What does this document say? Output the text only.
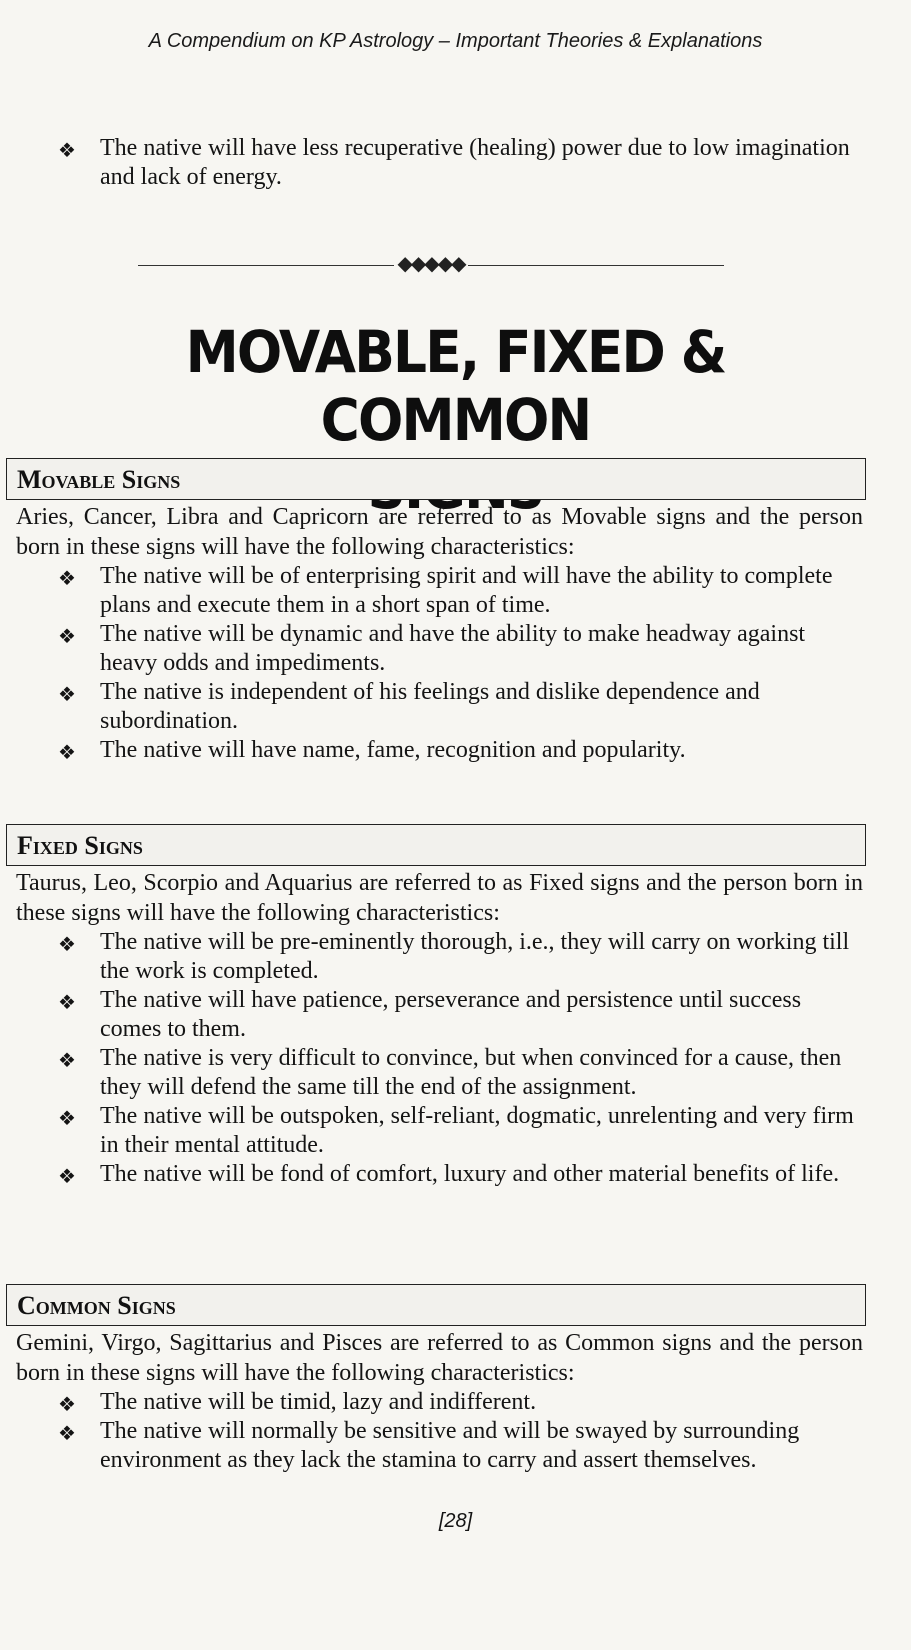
A Compendium on KP Astrology – Important Theories & Explanations
❖ The native will have less recuperative (healing) power due to low imagination and lack of energy.
◆◆◆◆◆
MOVABLE, FIXED & COMMON
Movable Signs
Aries, Cancer, Libra and Capricorn are referred to as Movable signs and the person born in these signs will have the following characteristics:
❖ The native will be of enterprising spirit and will have the ability to complete plans and execute them in a short span of time.
❖ The native will be dynamic and have the ability to make headway against heavy odds and impediments.
❖ The native is independent of his feelings and dislike dependence and subordination.
❖ The native will have name, fame, recognition and popularity.
Fixed Signs
Taurus, Leo, Scorpio and Aquarius are referred to as Fixed signs and the person born in these signs will have the following characteristics:
❖ The native will be pre-eminently thorough, i.e., they will carry on working till the work is completed.
❖ The native will have patience, perseverance and persistence until success comes to them.
❖ The native is very difficult to convince, but when convinced for a cause, then they will defend the same till the end of the assignment.
❖ The native will be outspoken, self-reliant, dogmatic, unrelenting and very firm in their mental attitude.
❖ The native will be fond of comfort, luxury and other material benefits of life.
Common Signs
Gemini, Virgo, Sagittarius and Pisces are referred to as Common signs and the person born in these signs will have the following characteristics:
❖ The native will be timid, lazy and indifferent.
❖ The native will normally be sensitive and will be swayed by surrounding environment as they lack the stamina to carry and assert themselves.
[28]
